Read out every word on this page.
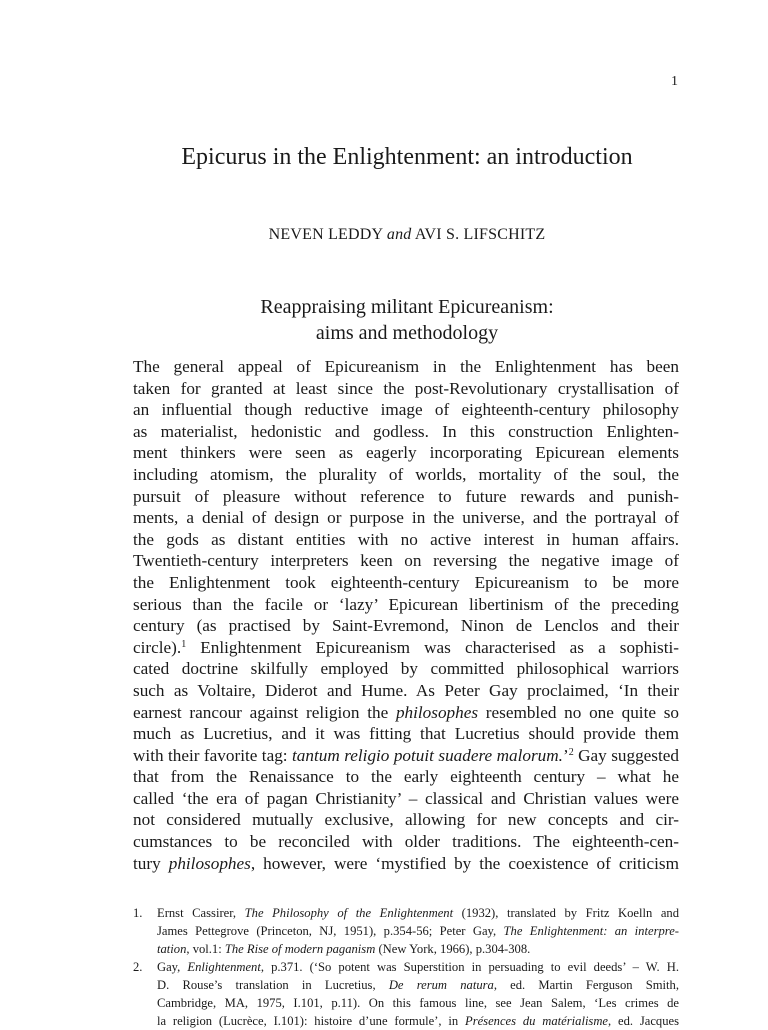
1
Epicurus in the Enlightenment: an introduction
NEVEN LEDDY and AVI S. LIFSCHITZ
Reappraising militant Epicureanism:
aims and methodology
The general appeal of Epicureanism in the Enlightenment has been
taken for granted at least since the post-Revolutionary crystallisation of
an influential though reductive image of eighteenth-century philosophy
as materialist, hedonistic and godless. In this construction Enlighten-
ment thinkers were seen as eagerly incorporating Epicurean elements
including atomism, the plurality of worlds, mortality of the soul, the
pursuit of pleasure without reference to future rewards and punish-
ments, a denial of design or purpose in the universe, and the portrayal of
the gods as distant entities with no active interest in human affairs.
Twentieth-century interpreters keen on reversing the negative image of
the Enlightenment took eighteenth-century Epicureanism to be more
serious than the facile or ‘lazy’ Epicurean libertinism of the preceding
century (as practised by Saint-Evremond, Ninon de Lenclos and their
circle).$^1$ Enlightenment Epicureanism was characterised as a sophisti-
cated doctrine skilfully employed by committed philosophical warriors
such as Voltaire, Diderot and Hume. As Peter Gay proclaimed, ‘In their
earnest rancour against religion the philosophes resembled no one quite so
much as Lucretius, and it was fitting that Lucretius should provide them
with their favorite tag: tantum religio potuit suadere malorum.’$^2$ Gay suggested
that from the Renaissance to the early eighteenth century – what he
called ‘the era of pagan Christianity’ – classical and Christian values were
not considered mutually exclusive, allowing for new concepts and cir-
cumstances to be reconciled with older traditions. The eighteenth-cen-
tury philosophes, however, were ‘mystified by the coexistence of criticism
1. Ernst Cassirer, The Philosophy of the Enlightenment (1932), translated by Fritz Koelln and
James Pettegrove (Princeton, NJ, 1951), p.354-56; Peter Gay, The Enlightenment: an interpre-
tation, vol.1: The Rise of modern paganism (New York, 1966), p.304-308.
2. Gay, Enlightenment, p.371. (‘So potent was Superstition in persuading to evil deeds’ – W. H.
D. Rouse’s translation in Lucretius, De rerum natura, ed. Martin Ferguson Smith,
Cambridge, MA, 1975, I.101, p.11). On this famous line, see Jean Salem, ‘Les crimes de
la religion (Lucrèce, I.101): histoire d’une formule’, in Présences du matérialisme, ed. Jacques
